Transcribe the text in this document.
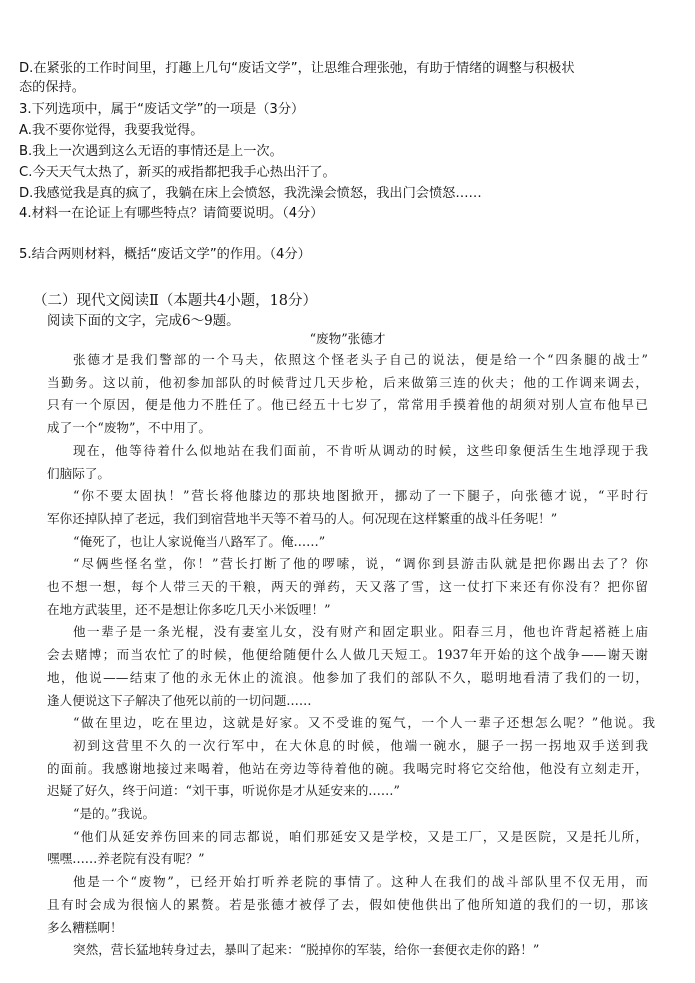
D.在紧张的工作时间里，打趣上几句“废话文学”，让思维合理张弛，有助于情绪的调整与积极状
态的保持。
3.下列选项中，属于“废话文学”的一项是（3分）
A.我不要你觉得，我要我觉得。
B.我上一次遇到这么无语的事情还是上一次。
C.今天天气太热了，新买的戒指都把我手心热出汗了。
D.我感觉我是真的疯了，我躺在床上会愤怒，我洗澡会愤怒，我出门会愤怒……
4.材料一在论证上有哪些特点？请简要说明。（4分）
5.结合两则材料，概括“废话文学”的作用。（4分）
（二）现代文阅读Ⅱ（本题共4小题，18分）
阅读下面的文字，完成6～9题。
“废物”张德才
张德才是我们警部的一个马夫，依照这个怪老头子自己的说法，便是给一个“四条腿的战士”
当勤务。这以前，他初参加部队的时候背过几天步枪，后来做第三连的伙夫；他的工作调来调去，
只有一个原因，便是他力不胜任了。他已经五十七岁了，常常用手摸着他的胡须对别人宣布他早已
成了一个“废物”，不中用了。
现在，他等待着什么似地站在我们面前，不肯听从调动的时候，这些印象便活生生地浮现于我
们脑际了。
“你不要太固执！”营长将他膝边的那块地图掀开，挪动了一下腿子，向张德才说，“平时行
军你还掉队掉了老远，我们到宿营地半天等不着马的人。何况现在这样繁重的战斗任务呢！”
“俺死了，也让人家说俺当八路军了。俺……”
“尽俩些怪名堂，你！”营长打断了他的啰嗦，说，“调你到县游击队就是把你踢出去了？你
也不想一想，每个人带三天的干粮，两天的弹药，天又落了雪，这一仗打下来还有你没有？把你留
在地方武装里，还不是想让你多吃几天小米饭哩！”
他一辈子是一条光棍，没有妻室儿女，没有财产和固定职业。阳春三月，他也许背起褡裢上庙
会去赌博；而当农忙了的时候，他便给随便什么人做几天短工。1937年开始的这个战争——谢天谢
地，他说——结束了他的永无休止的流浪。他参加了我们的部队不久，聪明地看清了我们的一切，
逢人便说这下子解决了他死以前的一切问题……
“做在里边，吃在里边，这就是好家。又不受谁的冤气，一个人一辈子还想怎么呢？”他说。我
初到这营里不久的一次行军中，在大休息的时候，他端一碗水，腿子一拐一拐地双手送到我
的面前。我感谢地接过来喝着，他站在旁边等待着他的碗。我喝完时将它交给他，他没有立刻走开，
迟疑了好久，终于问道：“刘干事，听说你是才从延安来的……”
“是的。”我说。
“他们从延安养伤回来的同志都说，咱们那延安又是学校，又是工厂，又是医院，又是托儿所，
嘿嘿……养老院有没有呢？”
他是一个“废物”，已经开始打听养老院的事情了。这种人在我们的战斗部队里不仅无用，而
且有时会成为很恼人的累赘。若是张德才被俘了去，假如使他供出了他所知道的我们的一切，那该
多么糟糕啊！
突然，营长猛地转身过去，暴叫了起来：“脱掉你的军装，给你一套便衣走你的路！”
